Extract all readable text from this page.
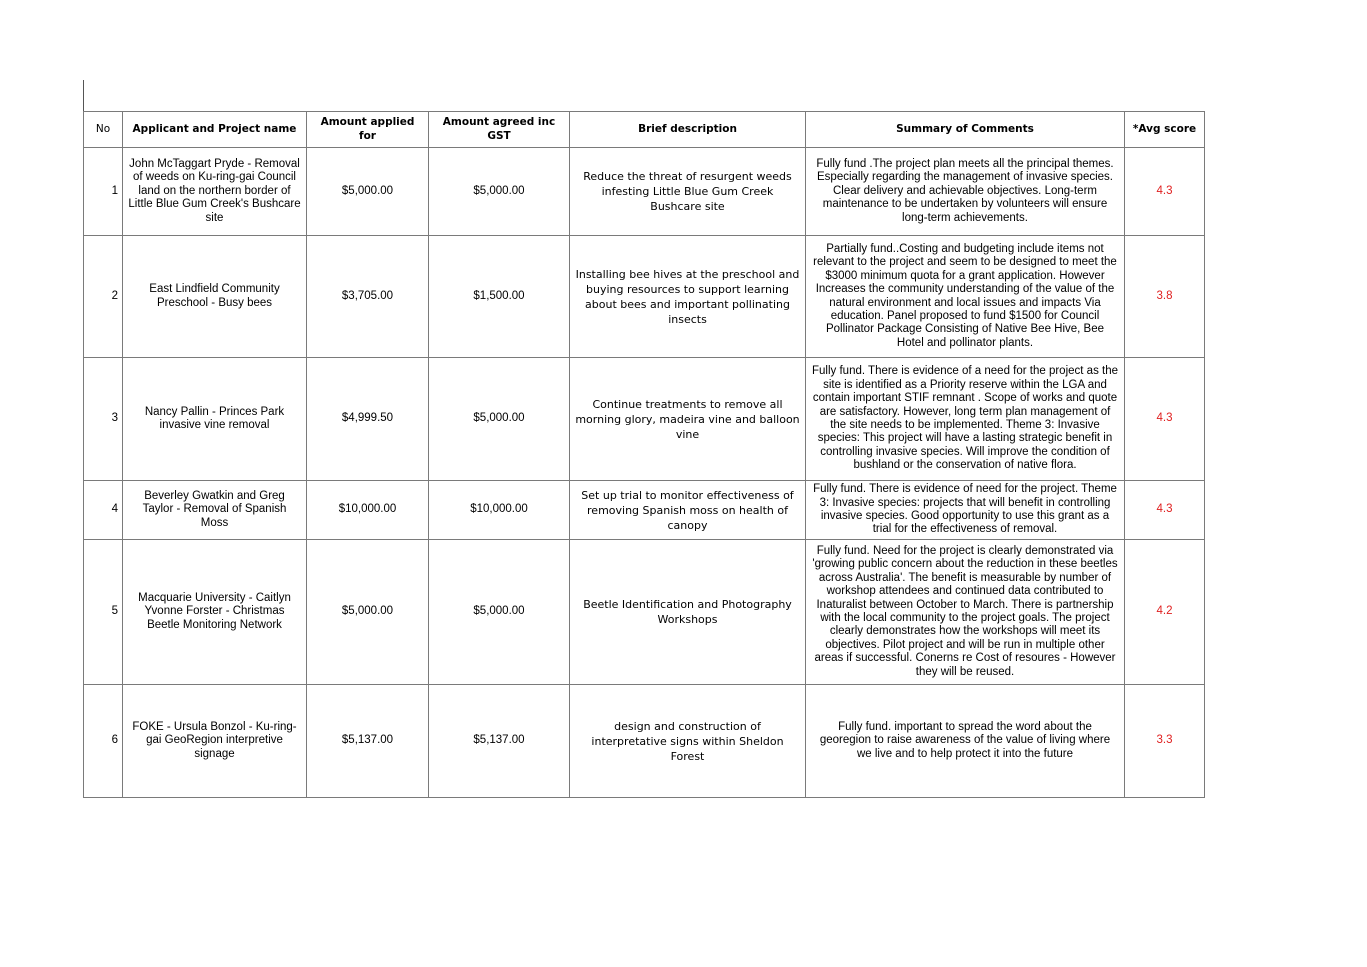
No	Applicant and Project name	Amount applied for	Amount agreed inc GST	Brief description	Summary of Comments	*Avg score
1	John McTaggart Pryde - Removal of weeds on Ku-ring-gai Council land on the northern border of Little Blue Gum Creek's Bushcare site	$5,000.00	$5,000.00	Reduce the threat of resurgent weeds infesting Little Blue Gum Creek Bushcare site	Fully fund .The project plan meets all the principal themes. Especially regarding the management of invasive species. Clear delivery and achievable objectives. Long-term maintenance to be undertaken by volunteers will ensure long-term achievements.	4.3
2	East Lindfield Community Preschool - Busy bees	$3,705.00	$1,500.00	Installing bee hives at the preschool and buying resources to support learning about bees and important pollinating insects	Partially fund..Costing and budgeting include items not relevant to the project and seem to be designed to meet the $3000 minimum quota for a grant application. However Increases the community understanding of the value of the natural environment and local issues and impacts Via education. Panel proposed to fund $1500 for Council Pollinator Package Consisting of Native Bee Hive, Bee Hotel and pollinator plants.	3.8
3	Nancy Pallin - Princes Park invasive vine removal	$4,999.50	$5,000.00	Continue treatments to remove all morning glory, madeira vine and balloon vine	Fully fund. There is evidence of a need for the project as the site is identified as a Priority reserve within the LGA and contain important STIF remnant . Scope of works and quote are satisfactory. However, long term plan management of the site needs to be implemented. Theme 3: Invasive species: This project will have a lasting strategic benefit in controlling invasive species. Will improve the condition of bushland or the conservation of native flora.	4.3
4	Beverley Gwatkin and Greg Taylor - Removal of Spanish Moss	$10,000.00	$10,000.00	Set up trial to monitor effectiveness of removing Spanish moss on health of canopy	Fully fund. There is evidence of need for the project. Theme 3: Invasive species: projects that will benefit in controlling invasive species. Good opportunity to use this grant as a trial for the effectiveness of removal.	4.3
5	Macquarie University - Caitlyn Yvonne Forster - Christmas Beetle Monitoring Network	$5,000.00	$5,000.00	Beetle Identification and Photography Workshops	Fully fund. Need for the project is clearly demonstrated via 'growing public concern about the reduction in these beetles across Australia'. The benefit is measurable by number of workshop attendees and continued data contributed to Inaturalist between October to March. There is partnership with the local community to the project goals. The project clearly demonstrates how the workshops will meet its objectives. Pilot project and will be run in multiple other areas if successful. Conerns re Cost of resoures - However they will be reused.	4.2
6	FOKE - Ursula Bonzol - Ku-ring-gai GeoRegion interpretive signage	$5,137.00	$5,137.00	design and construction of interpretative signs within Sheldon Forest	Fully fund. important to spread the word about the georegion to raise awareness of the value of living where we live and to help protect it into the future	3.3
